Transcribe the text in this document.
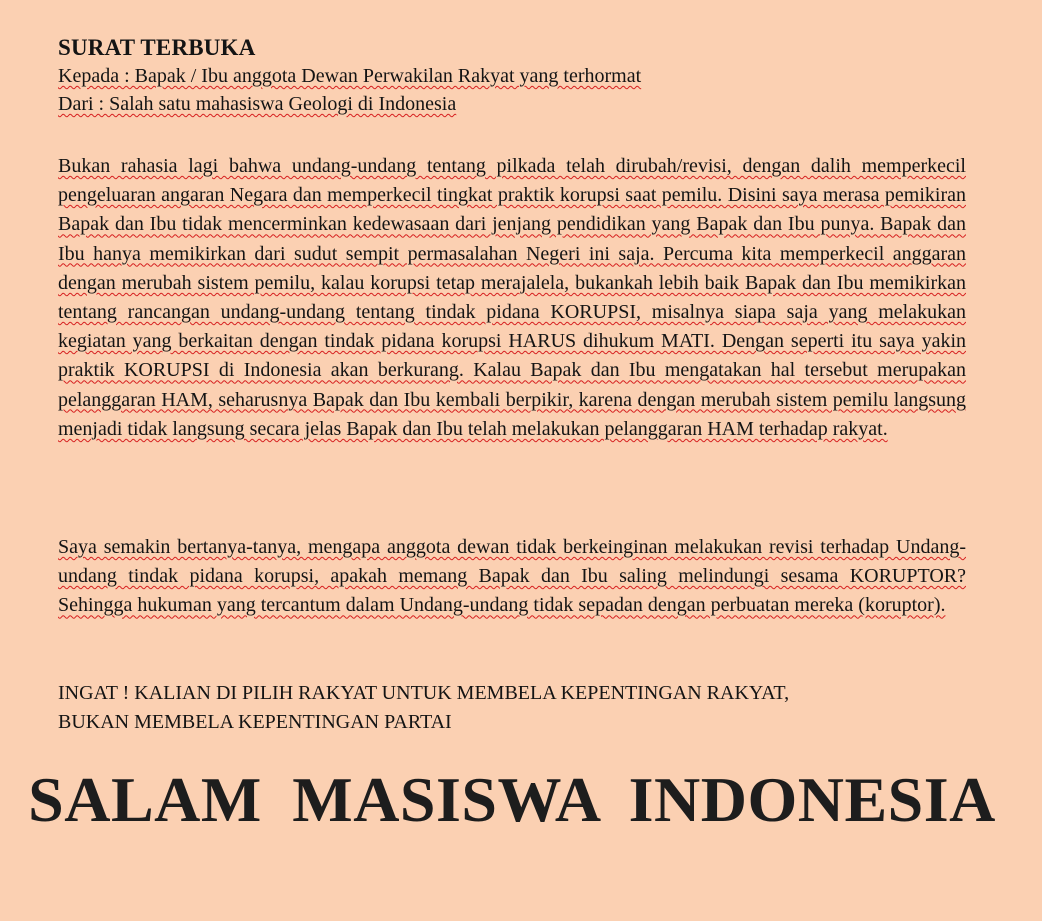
SURAT TERBUKA

Kepada : Bapak / Ibu anggota Dewan Perwakilan Rakyat yang terhormat

Dari : Salah satu mahasiswa Geologi di Indonesia

Bukan rahasia lagi bahwa undang-undang tentang pilkada telah dirubah/revisi, dengan dalih memperkecil pengeluaran angaran Negara dan memperkecil tingkat praktik korupsi saat pemilu. Disini saya merasa pemikiran Bapak dan Ibu tidak mencerminkan kedewasaan dari jenjang pendidikan yang Bapak dan Ibu punya. Bapak dan Ibu hanya memikirkan dari sudut sempit permasalahan Negeri ini saja. Percuma kita memperkecil anggaran dengan merubah sistem pemilu, kalau korupsi tetap merajalela, bukankah lebih baik Bapak dan Ibu memikirkan tentang rancangan undang-undang tentang tindak pidana KORUPSI, misalnya siapa saja yang melakukan kegiatan yang berkaitan dengan tindak pidana korupsi HARUS dihukum MATI. Dengan seperti itu saya yakin praktik KORUPSI di Indonesia akan berkurang. Kalau Bapak dan Ibu mengatakan hal tersebut merupakan pelanggaran HAM, seharusnya Bapak dan Ibu kembali berpikir, karena dengan merubah sistem pemilu langsung menjadi tidak langsung secara jelas Bapak dan Ibu telah melakukan pelanggaran HAM terhadap rakyat.
Saya semakin bertanya-tanya, mengapa anggota dewan tidak berkeinginan melakukan revisi terhadap Undang-undang tindak pidana korupsi, apakah memang Bapak dan Ibu saling melindungi sesama KORUPTOR? Sehingga hukuman yang tercantum dalam Undang-undang tidak sepadan dengan perbuatan mereka (koruptor).
INGAT ! KALIAN DI PILIH RAKYAT UNTUK MEMBELA KEPENTINGAN RAKYAT,
BUKAN MEMBELA KEPENTINGAN PARTAI
SALAM MASISWA INDONESIA
